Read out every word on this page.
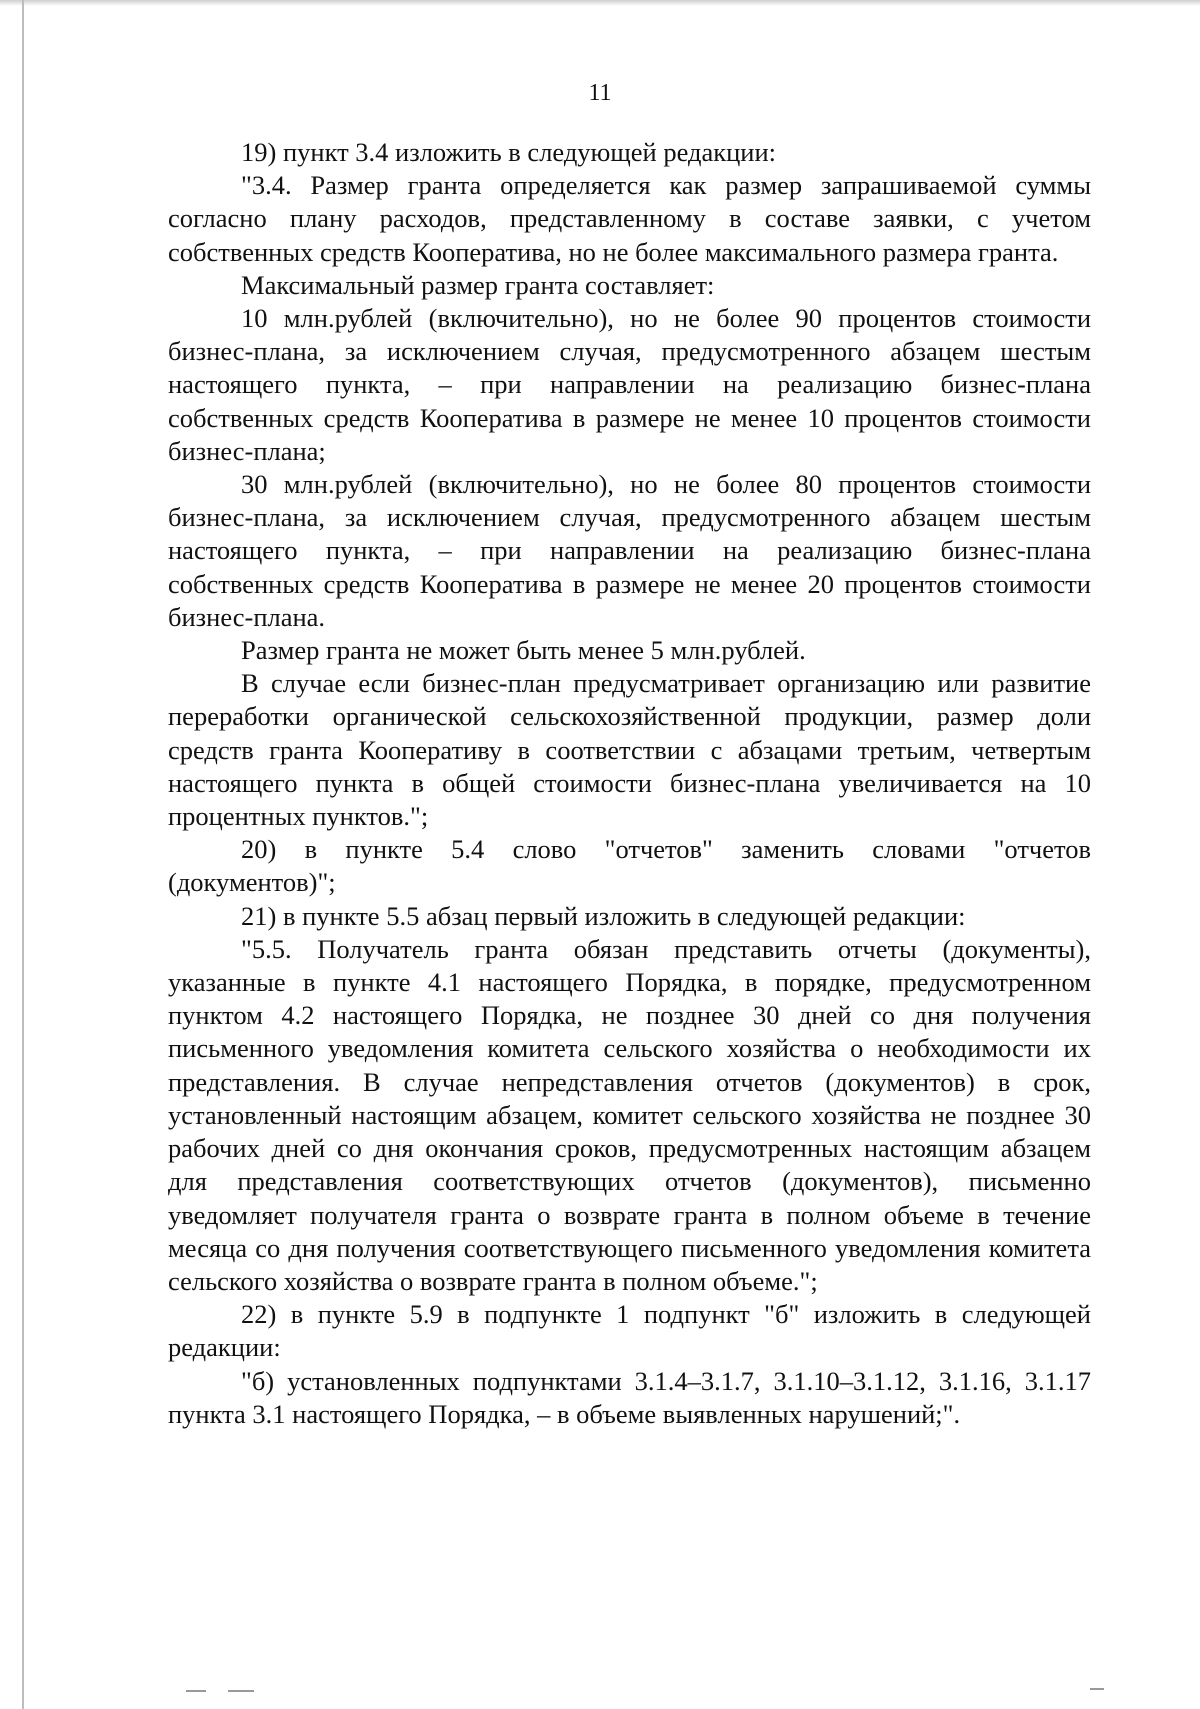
11

19) пункт 3.4 изложить в следующей редакции:

"3.4. Размер гранта определяется как размер запрашиваемой суммы согласно плану расходов, представленному в составе заявки, с учетом собственных средств Кооператива, но не более максимального размера гранта.

Максимальный размер гранта составляет:

10 млн.рублей (включительно), но не более 90 процентов стоимости бизнес-плана, за исключением случая, предусмотренного абзацем шестым настоящего пункта, – при направлении на реализацию бизнес-плана собственных средств Кооператива в размере не менее 10 процентов стоимости бизнес-плана;

30 млн.рублей (включительно), но не более 80 процентов стоимости бизнес-плана, за исключением случая, предусмотренного абзацем шестым настоящего пункта, – при направлении на реализацию бизнес-плана собственных средств Кооператива в размере не менее 20 процентов стоимости бизнес-плана.

Размер гранта не может быть менее 5 млн.рублей.

В случае если бизнес-план предусматривает организацию или развитие переработки органической сельскохозяйственной продукции, размер доли средств гранта Кооперативу в соответствии с абзацами третьим, четвертым настоящего пункта в общей стоимости бизнес-плана увеличивается на 10 процентных пунктов.";

20) в пункте 5.4 слово "отчетов" заменить словами "отчетов (документов)";

21) в пункте 5.5 абзац первый изложить в следующей редакции:

"5.5. Получатель гранта обязан представить отчеты (документы), указанные в пункте 4.1 настоящего Порядка, в порядке, предусмотренном пунктом 4.2 настоящего Порядка, не позднее 30 дней со дня получения письменного уведомления комитета сельского хозяйства о необходимости их представления. В случае непредставления отчетов (документов) в срок, установленный настоящим абзацем, комитет сельского хозяйства не позднее 30 рабочих дней со дня окончания сроков, предусмотренных настоящим абзацем для представления соответствующих отчетов (документов), письменно уведомляет получателя гранта о возврате гранта в полном объеме в течение месяца со дня получения соответствующего письменного уведомления комитета сельского хозяйства о возврате гранта в полном объеме.";

22) в пункте 5.9 в подпункте 1 подпункт "б" изложить в следующей редакции:

"б) установленных подпунктами 3.1.4–3.1.7, 3.1.10–3.1.12, 3.1.16, 3.1.17 пункта 3.1 настоящего Порядка, – в объеме выявленных нарушений;".
